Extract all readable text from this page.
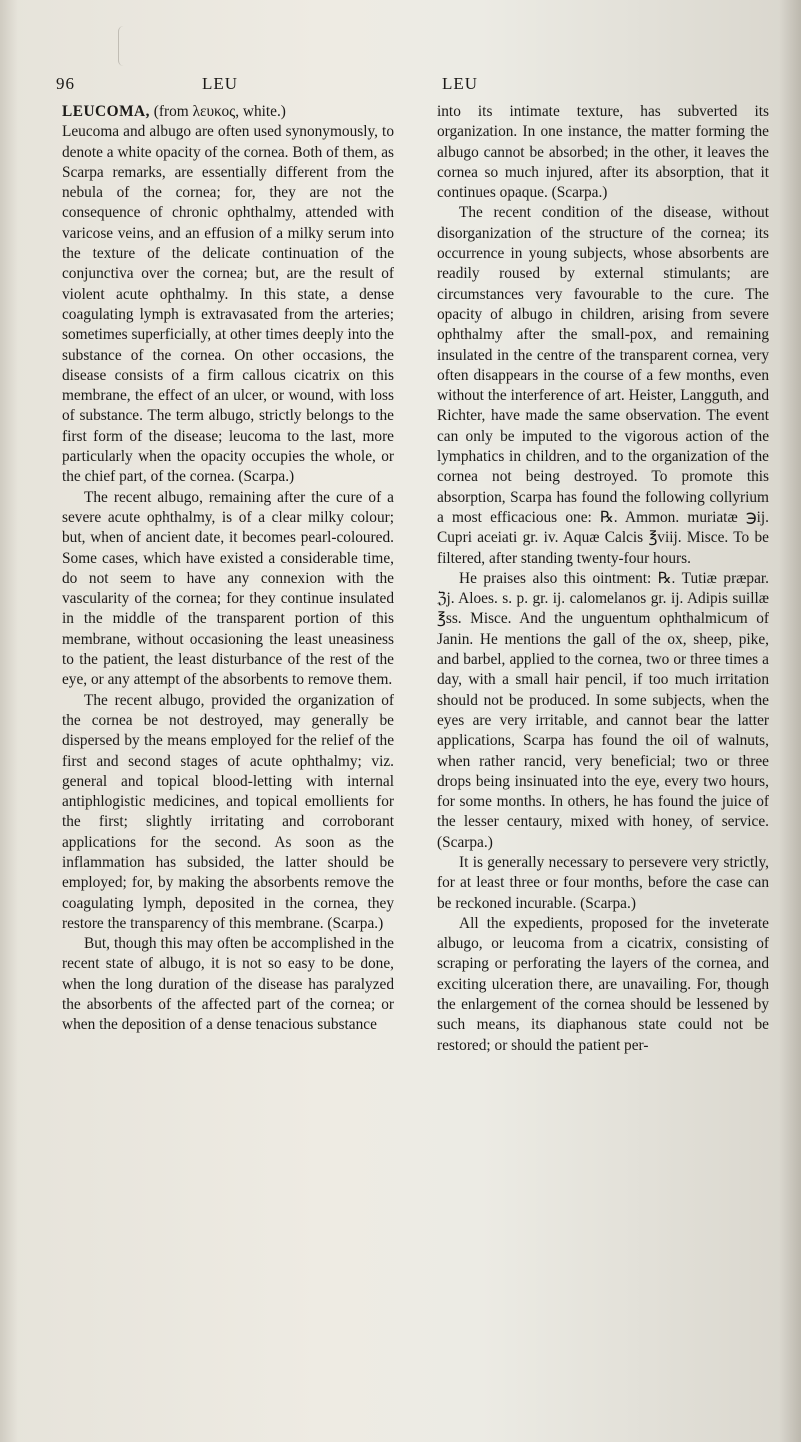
96	LEU	LEU

LEUCOMA, (from λευκος, white.)

Leucoma and albugo are often used synonymously, to denote a white opacity of the cornea. Both of them, as Scarpa remarks, are essentially different from the nebula of the cornea; for, they are not the consequence of chronic ophthalmy, attended with varicose veins, and an effusion of a milky serum into the texture of the delicate continuation of the conjunctiva over the cornea; but, are the result of violent acute ophthalmy. In this state, a dense coagulating lymph is extravasated from the arteries; sometimes superficially, at other times deeply into the substance of the cornea. On other occasions, the disease consists of a firm callous cicatrix on this membrane, the effect of an ulcer, or wound, with loss of substance. The term albugo, strictly belongs to the first form of the disease; leucoma to the last, more particularly when the opacity occupies the whole, or the chief part, of the cornea. (Scarpa.)

The recent albugo, remaining after the cure of a severe acute ophthalmy, is of a clear milky colour; but, when of ancient date, it becomes pearl-coloured. Some cases, which have existed a considerable time, do not seem to have any connexion with the vascularity of the cornea; for they continue insulated in the middle of the transparent portion of this membrane, without occasioning the least uneasiness to the patient, the least disturbance of the rest of the eye, or any attempt of the absorbents to remove them.

The recent albugo, provided the organization of the cornea be not destroyed, may generally be dispersed by the means employed for the relief of the first and second stages of acute ophthalmy; viz. general and topical blood-letting with internal antiphlogistic medicines, and topical emollients for the first; slightly irritating and corroborant applications for the second. As soon as the inflammation has subsided, the latter should be employed; for, by making the absorbents remove the coagulating lymph, deposited in the cornea, they restore the transparency of this membrane. (Scarpa.)

But, though this may often be accomplished in the recent state of albugo, it is not so easy to be done, when the long duration of the disease has paralyzed the absorbents of the affected part of the cornea; or when the deposition of a dense tenacious substance

into its intimate texture, has subverted its organization. In one instance, the matter forming the albugo cannot be absorbed; in the other, it leaves the cornea so much injured, after its absorption, that it continues opaque. (Scarpa.)

The recent condition of the disease, without disorganization of the structure of the cornea; its occurrence in young subjects, whose absorbents are readily roused by external stimulants; are circumstances very favourable to the cure. The opacity of albugo in children, arising from severe ophthalmy after the small-pox, and remaining insulated in the centre of the transparent cornea, very often disappears in the course of a few months, even without the interference of art. Heister, Langguth, and Richter, have made the same observation. The event can only be imputed to the vigorous action of the lymphatics in children, and to the organization of the cornea not being destroyed. To promote this absorption, Scarpa has found the following collyrium a most efficacious one: ℞. Ammon. muriatæ ℈ij. Cupri aceiati gr. iv. Aquæ Calcis ℥viij. Misce. To be filtered, after standing twenty-four hours.

He praises also this ointment: ℞. Tutiæ præpar. ℨj. Aloes. s. p. gr. ij. calomelanos gr. ij. Adipis suillæ ℥ss. Misce. And the unguentum ophthalmicum of Janin. He mentions the gall of the ox, sheep, pike, and barbel, applied to the cornea, two or three times a day, with a small hair pencil, if too much irritation should not be produced. In some subjects, when the eyes are very irritable, and cannot bear the latter applications, Scarpa has found the oil of walnuts, when rather rancid, very beneficial; two or three drops being insinuated into the eye, every two hours, for some months. In others, he has found the juice of the lesser centaury, mixed with honey, of service. (Scarpa.)

It is generally necessary to persevere very strictly, for at least three or four months, before the case can be reckoned incurable. (Scarpa.)

All the expedients, proposed for the inveterate albugo, or leucoma from a cicatrix, consisting of scraping or perforating the layers of the cornea, and exciting ulceration there, are unavailing. For, though the enlargement of the cornea should be lessened by such means, its diaphanous state could not be restored; or should the patient per-
